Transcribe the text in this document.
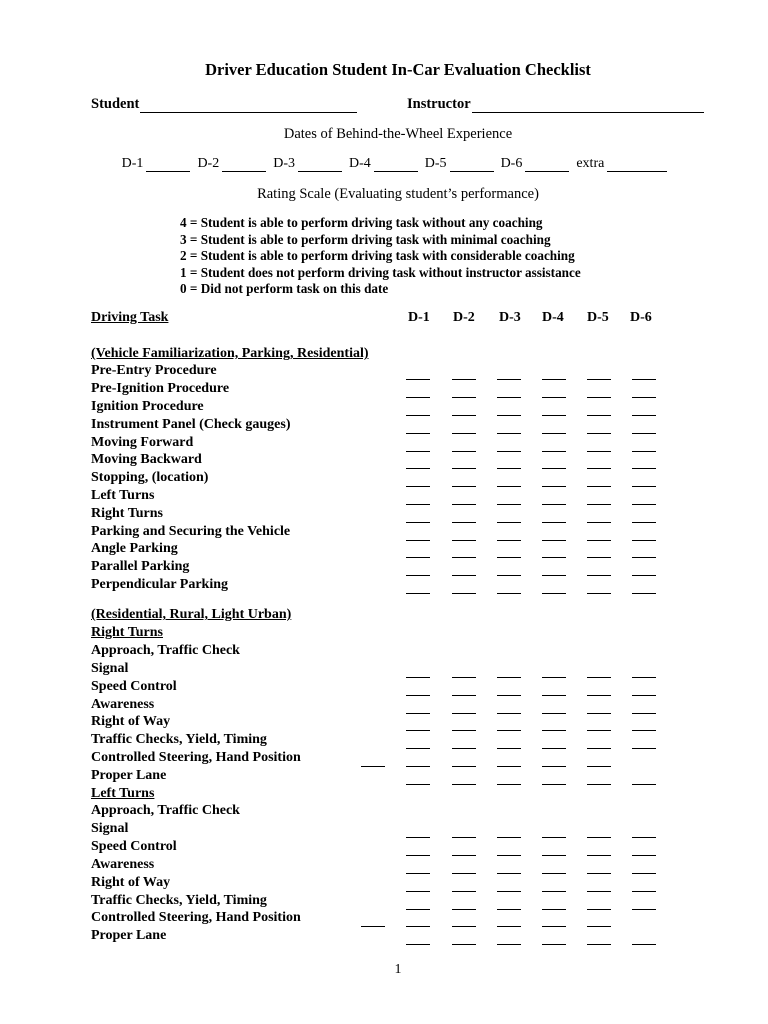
Driver Education Student In-Car Evaluation Checklist
Student	Instructor
Dates of Behind-the-Wheel Experience
D-1	D-2	D-3	D-4	D-5	D-6	extra
Rating Scale (Evaluating student’s performance)
4 = Student is able to perform driving task without any coaching
3 = Student is able to perform driving task with minimal coaching
2 = Student is able to perform driving task with considerable coaching
1 = Student does not perform driving task without instructor assistance
0 = Did not perform task on this date
Driving Task	D-1 D-2 D-3 D-4 D-5 D-6
(Vehicle Familiarization, Parking, Residential)
Pre-Entry Procedure
Pre-Ignition Procedure
Ignition Procedure
Instrument Panel (Check gauges)
Moving Forward
Moving Backward
Stopping, (location)
Left Turns
Right Turns
Parking and Securing the Vehicle
Angle Parking
Parallel Parking
Perpendicular Parking
(Residential, Rural, Light Urban)
Right Turns
Approach, Traffic Check
Signal
Speed Control
Awareness
Right of Way
Traffic Checks, Yield, Timing
Controlled Steering, Hand Position
Proper Lane
Left Turns
Approach, Traffic Check
Signal
Speed Control
Awareness
Right of Way
Traffic Checks, Yield, Timing
Controlled Steering, Hand Position
Proper Lane
1
